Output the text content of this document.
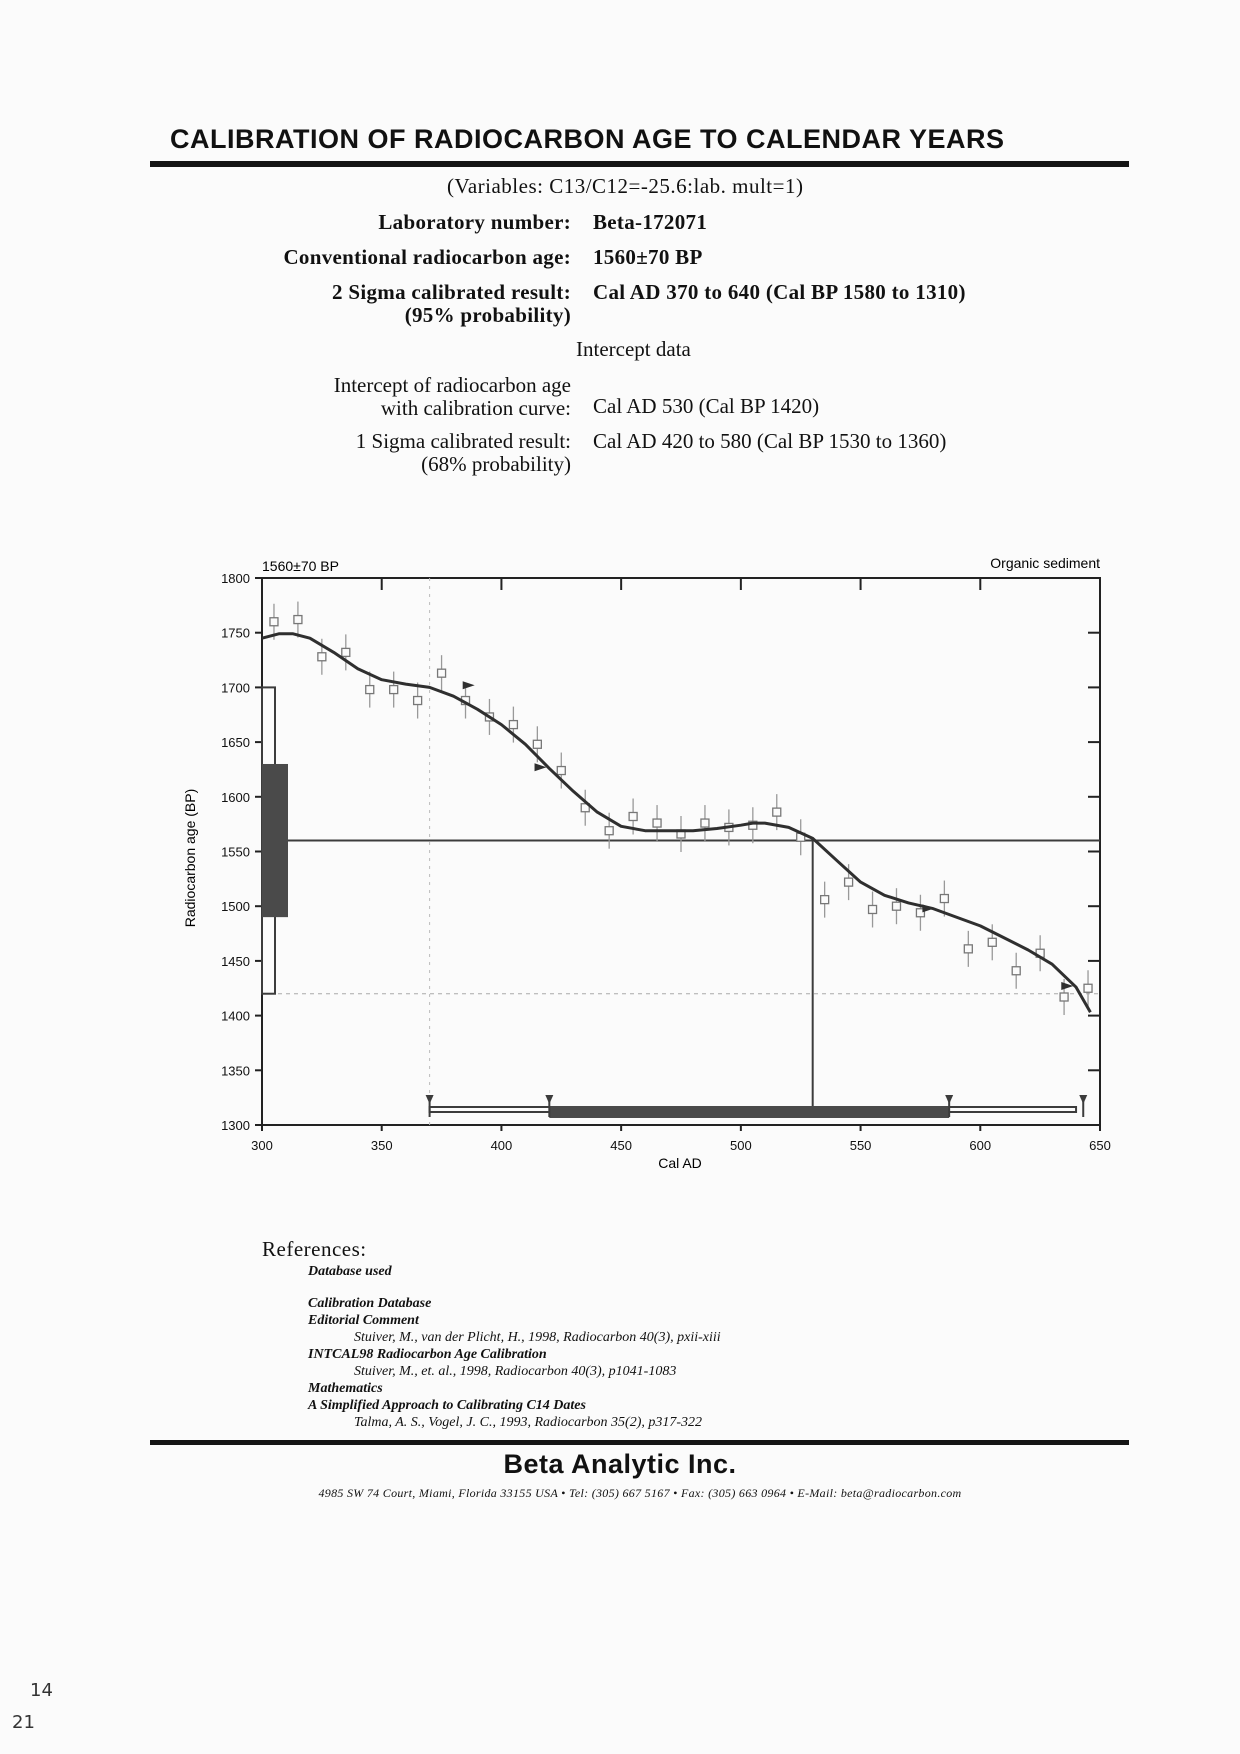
CALIBRATION OF RADIOCARBON AGE TO CALENDAR YEARS
(Variables: C13/C12=-25.6:lab. mult=1)
Laboratory number: Beta-172071
Conventional radiocarbon age: 1560±70 BP
2 Sigma calibrated result:
(95% probability)
Cal AD 370 to 640 (Cal BP 1580 to 1310)
Intercept data
Intercept of radiocarbon age
with calibration curve: Cal AD 530 (Cal BP 1420)
1 Sigma calibrated result:
(68% probability)
Cal AD 420 to 580 (Cal BP 1530 to 1360)
1560±70 BP	Organic sediment
Cal AD
Radiocarbon age (BP)
1300
1350
1400
1450
1500
1550
1600
1650
1700
1750
1800
300	350	400	450	500	550	600	650
References:
Database used
Calibration Database
Editorial Comment
Stuiver, M., van der Plicht, H., 1998, Radiocarbon 40(3), pxii-xiii
INTCAL98 Radiocarbon Age Calibration
Stuiver, M., et. al., 1998, Radiocarbon 40(3), p1041-1083
Mathematics
A Simplified Approach to Calibrating C14 Dates
Talma, A. S., Vogel, J. C., 1993, Radiocarbon 35(2), p317-322
Beta Analytic Inc.
4985 SW 74 Court, Miami, Florida 33155 USA • Tel: (305) 667 5167 • Fax: (305) 663 0964 • E-Mail: beta@radiocarbon.com
14
21
